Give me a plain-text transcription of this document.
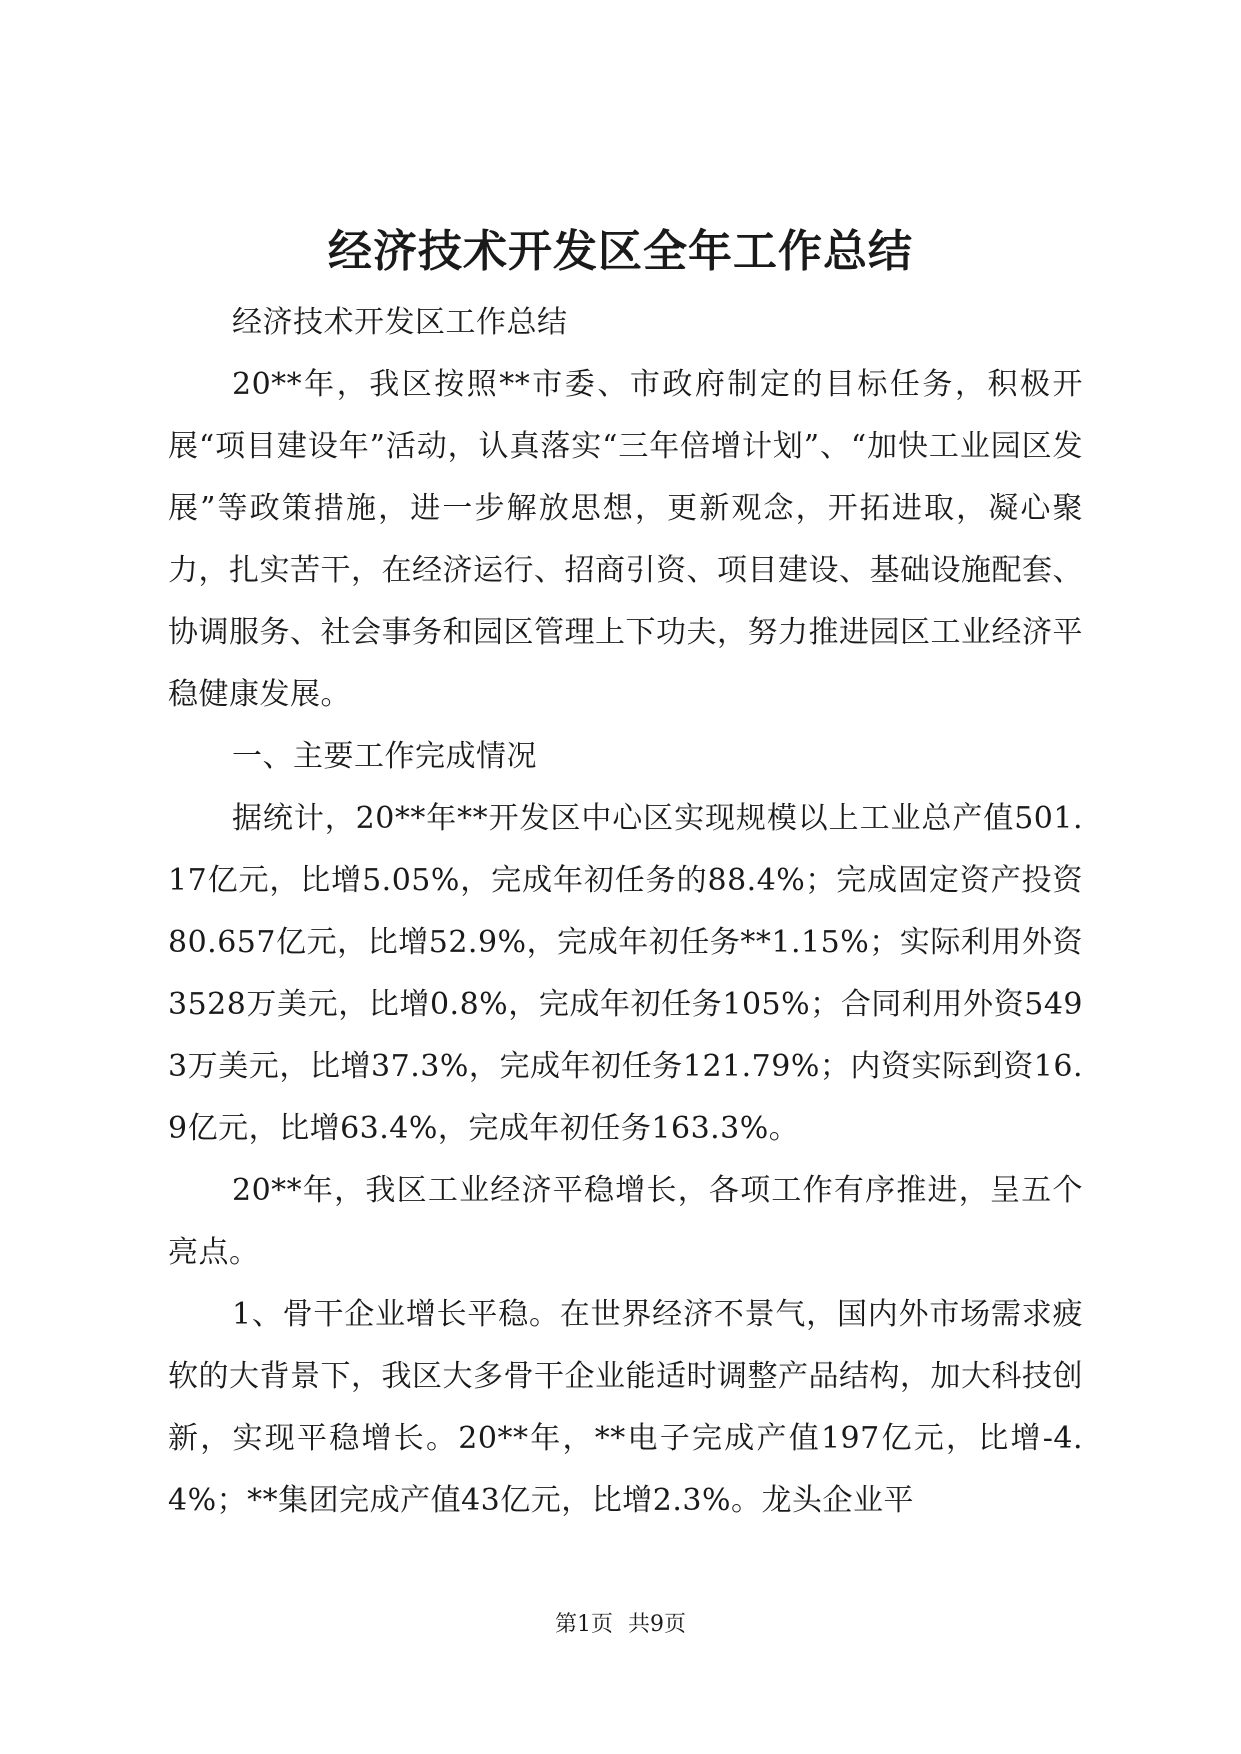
经济技术开发区全年工作总结

经济技术开发区工作总结

20**年，我区按照**市委、市政府制定的目标任务，积极开展“项目建设年”活动，认真落实“三年倍增计划”、“加快工业园区发展”等政策措施，进一步解放思想，更新观念，开拓进取，凝心聚力，扎实苦干，在经济运行、招商引资、项目建设、基础设施配套、协调服务、社会事务和园区管理上下功夫，努力推进园区工业经济平稳健康发展。

一、主要工作完成情况

据统计，20**年**开发区中心区实现规模以上工业总产值501.17亿元，比增5.05%，完成年初任务的88.4%；完成固定资产投资80.657亿元，比增52.9%，完成年初任务**1.15%；实际利用外资3528万美元，比增0.8%，完成年初任务105%；合同利用外资5493万美元，比增37.3%，完成年初任务121.79%；内资实际到资16.9亿元，比增63.4%，完成年初任务163.3%。

20**年，我区工业经济平稳增长，各项工作有序推进，呈五个亮点。

1、骨干企业增长平稳。在世界经济不景气，国内外市场需求疲软的大背景下，我区大多骨干企业能适时调整产品结构，加大科技创新，实现平稳增长。20**年，**电子完成产值197亿元，比增-4.4%；**集团完成产值43亿元，比增2.3%。龙头企业平

第1页 共9页
